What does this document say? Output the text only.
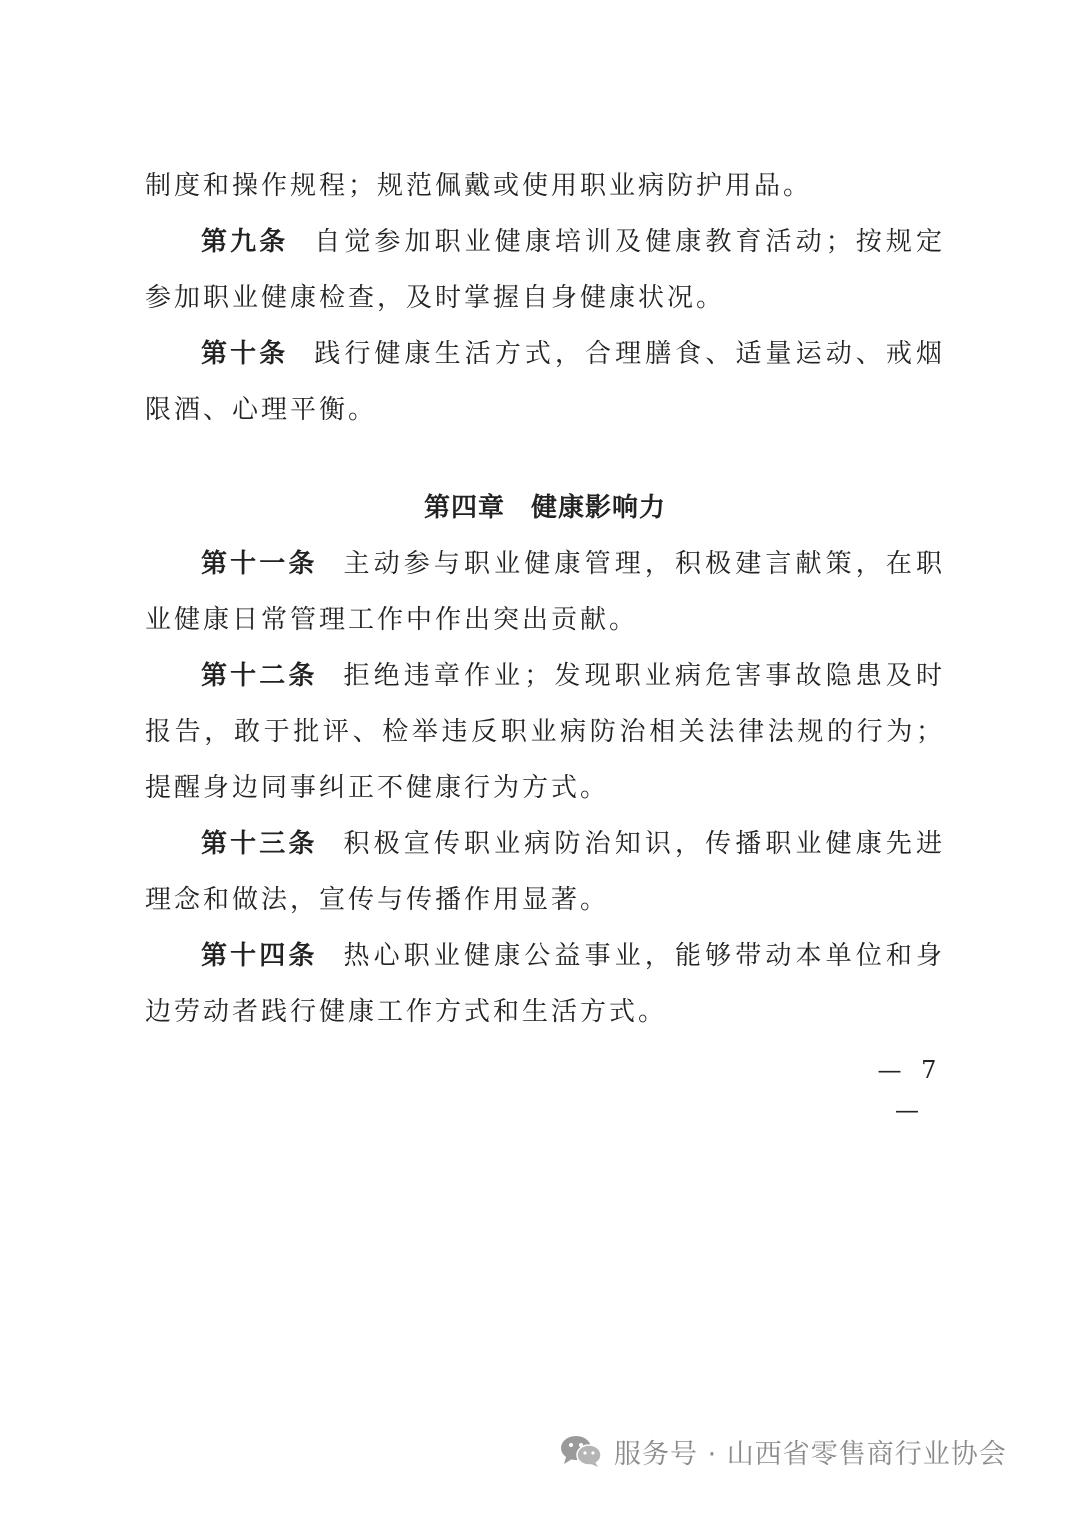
制度和操作规程；规范佩戴或使用职业病防护用品。

第九条 自觉参加职业健康培训及健康教育活动；按规定参加职业健康检查，及时掌握自身健康状况。

第十条 践行健康生活方式，合理膳食、适量运动、戒烟限酒、心理平衡。

第四章 健康影响力

第十一条 主动参与职业健康管理，积极建言献策，在职业健康日常管理工作中作出突出贡献。

第十二条 拒绝违章作业；发现职业病危害事故隐患及时报告，敢于批评、检举违反职业病防治相关法律法规的行为；提醒身边同事纠正不健康行为方式。

第十三条 积极宣传职业病防治知识，传播职业健康先进理念和做法，宣传与传播作用显著。

第十四条 热心职业健康公益事业，能够带动本单位和身边劳动者践行健康工作方式和生活方式。

— 7 —
服务号 · 山西省零售商行业协会
